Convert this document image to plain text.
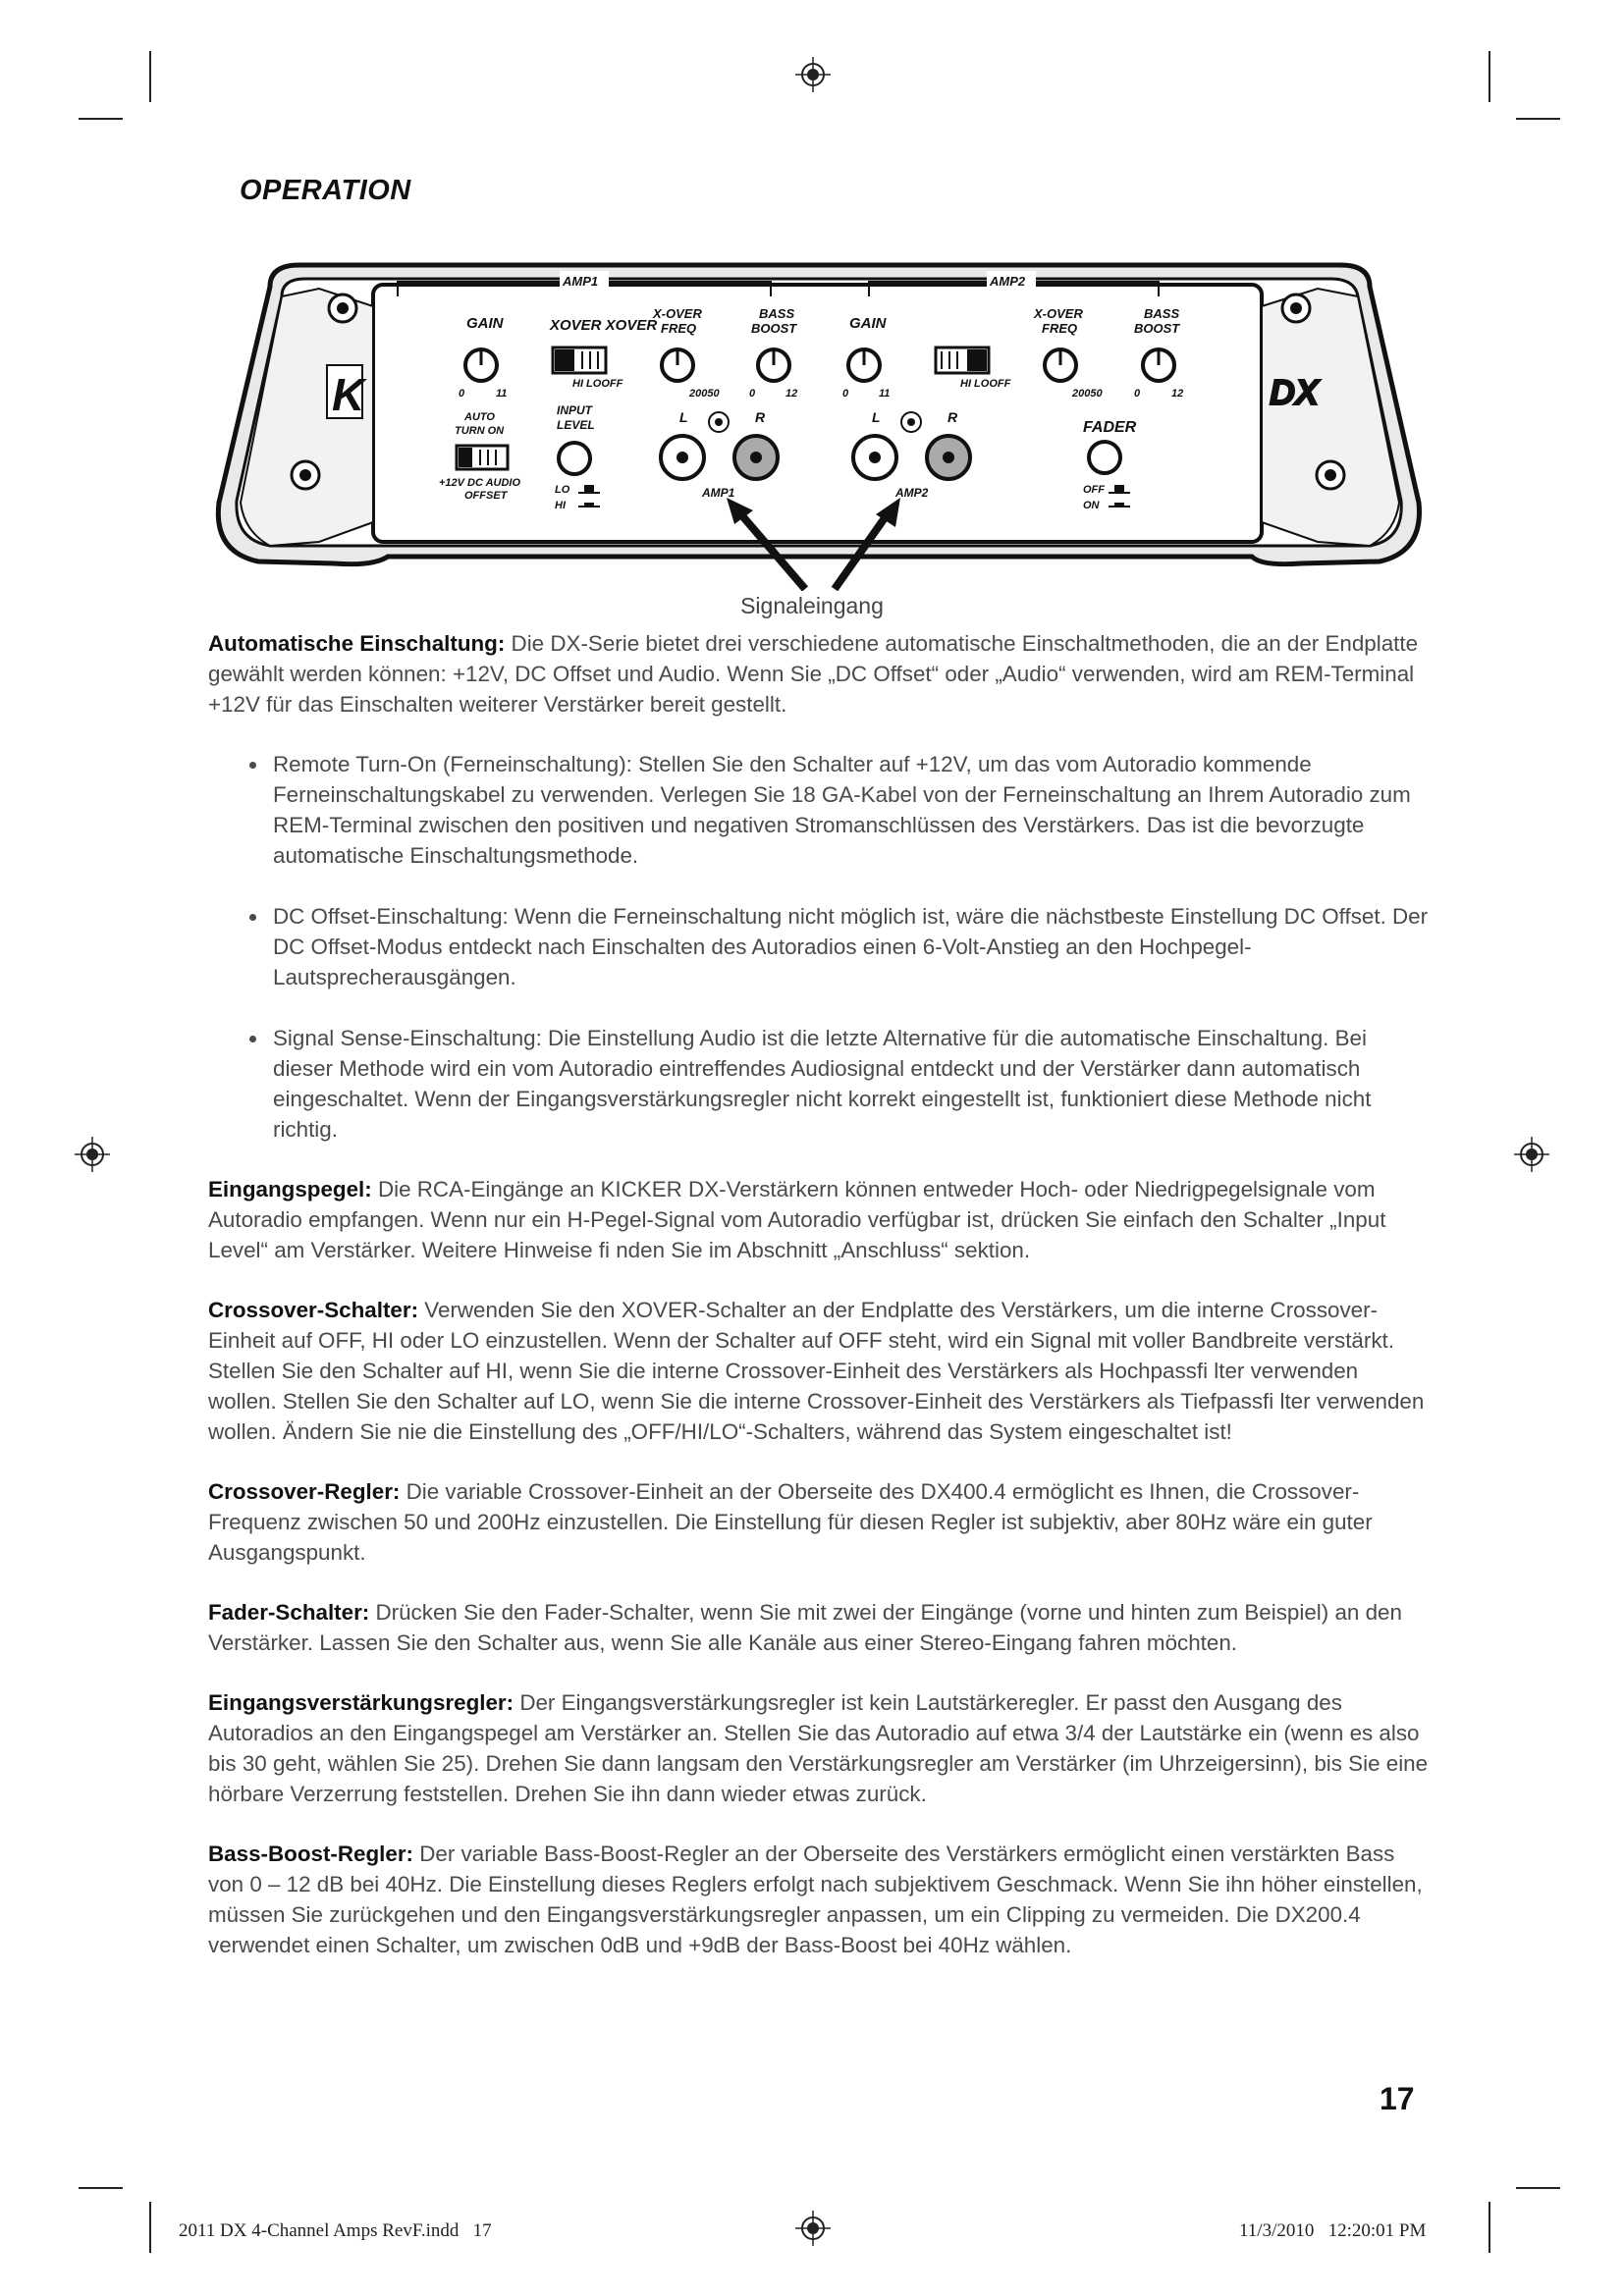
OPERATION
K	DX
AMP1	AMP2
GAIN	XOVER XOVER
X-OVER
FREQ
BASS
BOOST	GAIN
X-OVER
FREQ
BASS
BOOST
0	11
HI LOOFF
20050	0	12	0	11
HI LOOFF
20050	0	12
AUTO
TURN ON
+12V DC AUDIO
OFFSET
INPUT
LEVEL
LO
HI
L	R
AMP1
L	R
AMP2
FADER
OFF
ON
Signaleingang

Automatische Einschaltung: Die DX-Serie bietet drei verschiedene automatische Einschaltmethoden, die an der Endplatte gewählt werden können: +12V, DC Offset und Audio. Wenn Sie „DC Offset“ oder „Audio“ verwenden, wird am REM-Terminal +12V für das Einschalten weiterer Verstärker bereit gestellt.

• Remote Turn-On (Ferneinschaltung): Stellen Sie den Schalter auf +12V, um das vom Autoradio kommende Ferneinschaltungskabel zu verwenden. Verlegen Sie 18 GA-Kabel von der Ferneinschaltung an Ihrem Autoradio zum REM-Terminal zwischen den positiven und negativen Stromanschlüssen des Verstärkers. Das ist die bevorzugte automatische Einschaltungsmethode.
• DC Offset-Einschaltung: Wenn die Ferneinschaltung nicht möglich ist, wäre die nächstbeste Einstellung DC Offset. Der DC Offset-Modus entdeckt nach Einschalten des Autoradios einen 6-Volt-Anstieg an den Hochpegel-Lautsprecherausgängen.
• Signal Sense-Einschaltung: Die Einstellung Audio ist die letzte Alternative für die automatische Einschaltung. Bei dieser Methode wird ein vom Autoradio eintreffendes Audiosignal entdeckt und der Verstärker dann automatisch eingeschaltet. Wenn der Eingangsverstärkungsregler nicht korrekt eingestellt ist, funktioniert diese Methode nicht richtig.

Eingangspegel: Die RCA-Eingänge an KICKER DX-Verstärkern können entweder Hoch- oder Niedrigpegelsignale vom Autoradio empfangen. Wenn nur ein H-Pegel-Signal vom Autoradio verfügbar ist, drücken Sie einfach den Schalter „Input Level“ am Verstärker. Weitere Hinweise fi nden Sie im Abschnitt „Anschluss“ sektion.

Crossover-Schalter: Verwenden Sie den XOVER-Schalter an der Endplatte des Verstärkers, um die interne Crossover-Einheit auf OFF, HI oder LO einzustellen. Wenn der Schalter auf OFF steht, wird ein Signal mit voller Bandbreite verstärkt. Stellen Sie den Schalter auf HI, wenn Sie die interne Crossover-Einheit des Verstärkers als Hochpassfi lter verwenden wollen. Stellen Sie den Schalter auf LO, wenn Sie die interne Crossover-Einheit des Verstärkers als Tiefpassfi lter verwenden wollen. Ändern Sie nie die Einstellung des „OFF/HI/LO“-Schalters, während das System eingeschaltet ist!

Crossover-Regler: Die variable Crossover-Einheit an der Oberseite des DX400.4 ermöglicht es Ihnen, die Crossover-Frequenz zwischen 50 und 200Hz einzustellen. Die Einstellung für diesen Regler ist subjektiv, aber 80Hz wäre ein guter Ausgangspunkt.

Fader-Schalter: Drücken Sie den Fader-Schalter, wenn Sie mit zwei der Eingänge (vorne und hinten zum Beispiel) an den Verstärker. Lassen Sie den Schalter aus, wenn Sie alle Kanäle aus einer Stereo-Eingang fahren möchten.

Eingangsverstärkungsregler: Der Eingangsverstärkungsregler ist kein Lautstärkeregler. Er passt den Ausgang des Autoradios an den Eingangspegel am Verstärker an. Stellen Sie das Autoradio auf etwa 3/4 der Lautstärke ein (wenn es also bis 30 geht, wählen Sie 25). Drehen Sie dann langsam den Verstärkungsregler am Verstärker (im Uhrzeigersinn), bis Sie eine hörbare Verzerrung feststellen. Drehen Sie ihn dann wieder etwas zurück.

Bass-Boost-Regler: Der variable Bass-Boost-Regler an der Oberseite des Verstärkers ermöglicht einen verstärkten Bass von 0 – 12 dB bei 40Hz. Die Einstellung dieses Reglers erfolgt nach subjektivem Geschmack. Wenn Sie ihn höher einstellen, müssen Sie zurückgehen und den Eingangsverstärkungsregler anpassen, um ein Clipping zu vermeiden. Die DX200.4 verwendet einen Schalter, um zwischen 0dB und +9dB der Bass-Boost bei 40Hz wählen.

17
2011 DX 4-Channel Amps RevF.indd   17	11/3/2010   12:20:01 PM
